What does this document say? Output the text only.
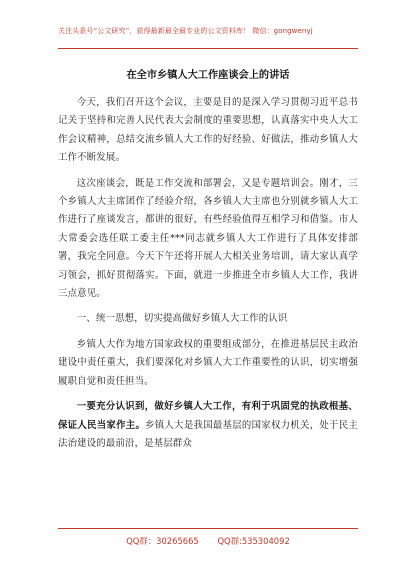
关注头条号“公文研究”，获得最新最全最专业的公文资料库！ 微信：gongwenyj
在全市乡镇人大工作座谈会上的讲话

今天，我们召开这个会议，主要是目的是深入学习贯彻习近平总书记关于坚持和完善人民代表大会制度的重要思想，认真落实中央人大工作会议精神，总结交流乡镇人大工作的好经验、好做法，推动乡镇人大工作不断发展。

这次座谈会，既是工作交流和部署会，又是专题培训会。刚才，三个乡镇人大主席团作了经验介绍，各乡镇人大主席也分别就乡镇人大工作进行了座谈发言，都讲的很好，有些经验值得互相学习和借鉴。市人大常委会选任联工委主任***同志就乡镇人大工作进行了具体安排部署，我完全同意。今天下午还将开展人大相关业务培训，请大家认真学习领会，抓好贯彻落实。下面，就进一步推进全市乡镇人大工作，我讲三点意见。

一、统一思想，切实提高做好乡镇人大工作的认识

乡镇人大作为地方国家政权的重要组成部分，在推进基层民主政治建设中责任重大，我们要深化对乡镇人大工作重要性的认识，切实增强履职自觉和责任担当。

一要充分认识到，做好乡镇人大工作，有利于巩固党的执政根基、保证人民当家作主。乡镇人大是我国最基层的国家权力机关，处于民主法治建设的最前沿，是基层群众

QQ群：30265665 QQ群:535304092
